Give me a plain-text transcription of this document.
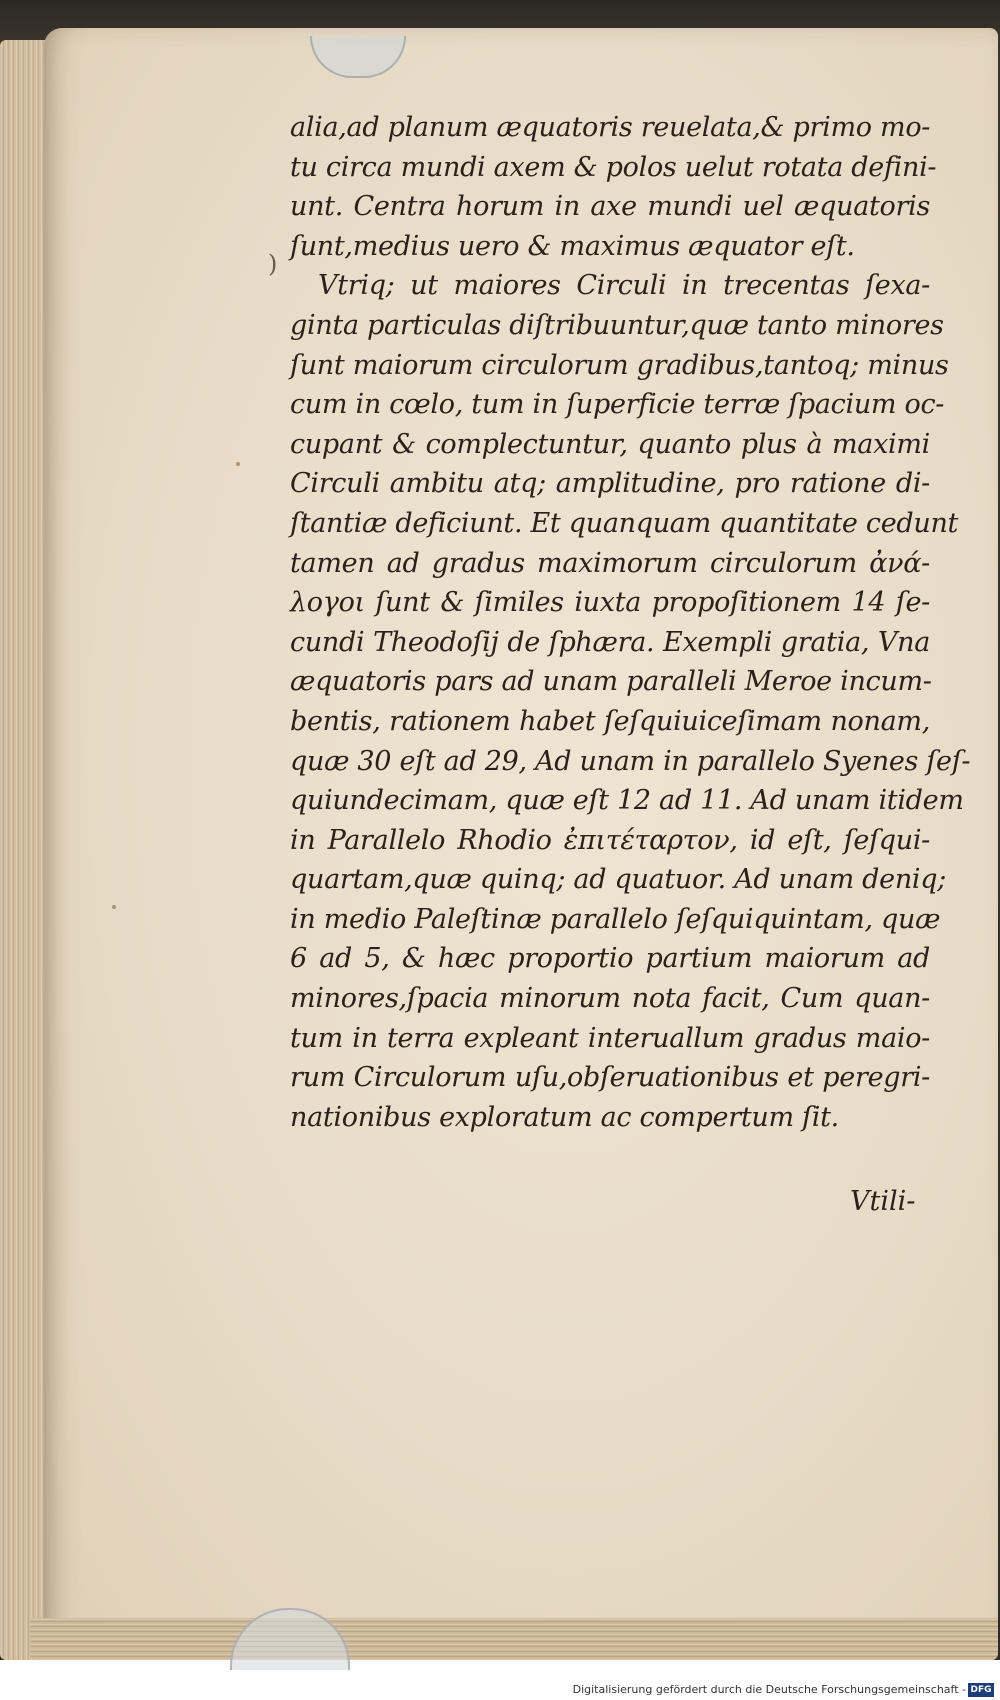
)
alia,ad planum æquatoris reuelata,& primo mo-
tu circa mundi axem & polos uelut rotata defini-
unt. Centra horum in axe mundi uel æquatoris
ſunt,medius uero & maximus æquator eſt.
Vtriq; ut maiores Circuli in trecentas ſexa-
ginta particulas diſtribuuntur,quæ tanto minores
ſunt maiorum circulorum gradibus,tantoq; minus
cum in cœlo, tum in ſuperficie terræ ſpacium oc-
cupant & complectuntur, quanto plus à maximi
Circuli ambitu atq; amplitudine, pro ratione di-
ſtantiæ deficiunt. Et quanquam quantitate cedunt
tamen ad gradus maximorum circulorum ἀνά-
λογοι ſunt & ſimiles iuxta propoſitionem 14 ſe-
cundi Theodoſij de ſphæra. Exempli gratia, Vna
æquatoris pars ad unam paralleli Meroe incum-
bentis, rationem habet ſeſquiuiceſimam nonam,
quæ 30 eſt ad 29, Ad unam in parallelo Syenes ſeſ-
quiundecimam, quæ eſt 12 ad 11. Ad unam itidem
in Parallelo Rhodio ἐπιτέταρτον, id eſt, ſeſqui-
quartam,quæ quinq; ad quatuor. Ad unam deniq;
in medio Paleſtinæ parallelo ſeſquiquintam, quæ
6 ad 5, & hæc proportio partium maiorum ad
minores,ſpacia minorum nota facit, Cum quan-
tum in terra expleant interuallum gradus maio-
rum Circulorum uſu,obſeruationibus et peregri-
nationibus exploratum ac compertum ſit.
Vtili-
Digitalisierung gefördert durch die Deutsche Forschungsgemeinschaft - DFG
